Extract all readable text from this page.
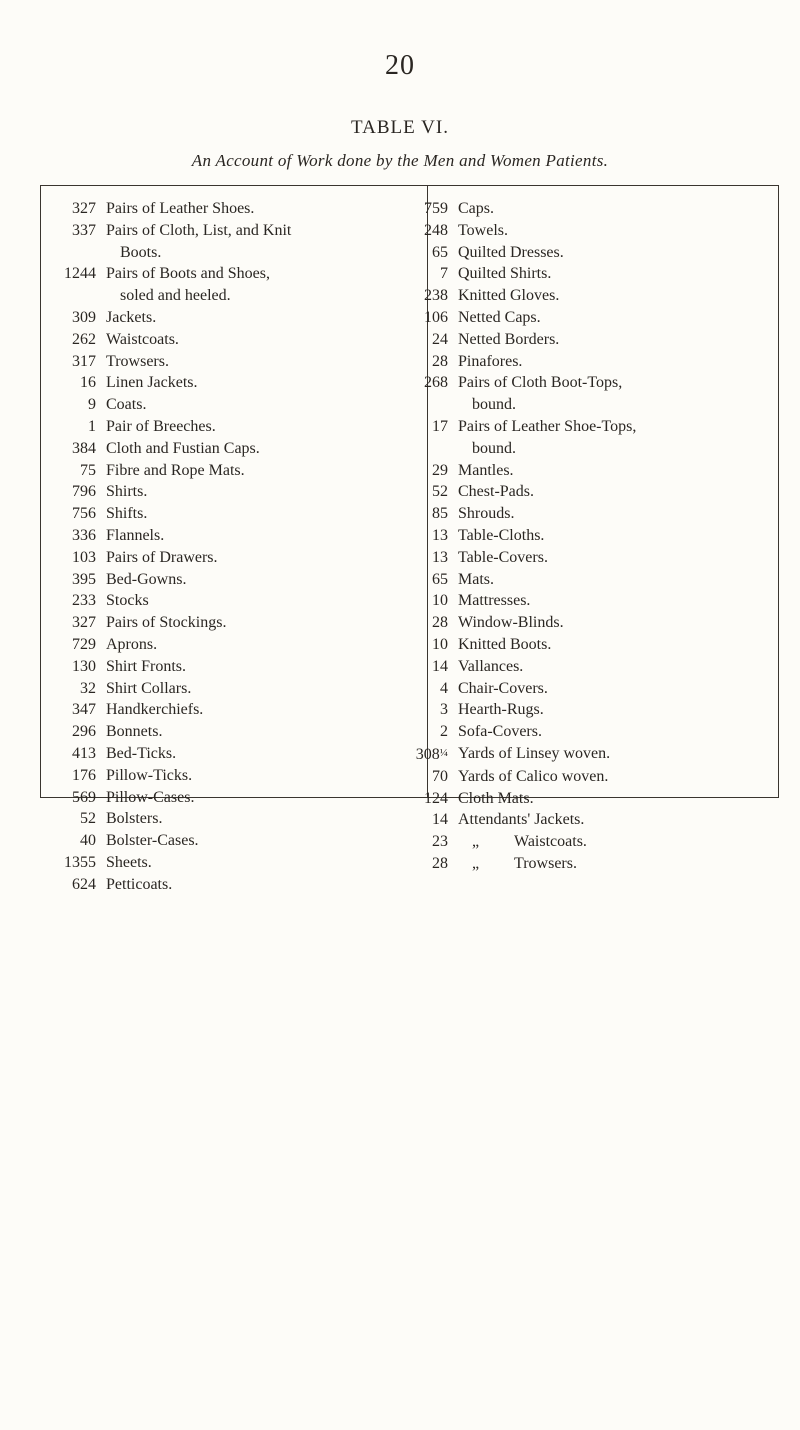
20
TABLE VI.
An Account of Work done by the Men and Women Patients.
327 Pairs of Leather Shoes.
337 Pairs of Cloth, List, and Knit
Boots.
1244 Pairs of Boots and Shoes,
soled and heeled.
309 Jackets.
262 Waistcoats.
317 Trowsers.
16 Linen Jackets.
9 Coats.
1 Pair of Breeches.
384 Cloth and Fustian Caps.
75 Fibre and Rope Mats.
796 Shirts.
756 Shifts.
336 Flannels.
103 Pairs of Drawers.
395 Bed-Gowns.
233 Stocks
327 Pairs of Stockings.
729 Aprons.
130 Shirt Fronts.
32 Shirt Collars.
347 Handkerchiefs.
296 Bonnets.
413 Bed-Ticks.
176 Pillow-Ticks.
569 Pillow-Cases.
52 Bolsters.
40 Bolster-Cases.
1355 Sheets.
624 Petticoats.
759 Caps.
248 Towels.
65 Quilted Dresses.
7 Quilted Shirts.
238 Knitted Gloves.
106 Netted Caps.
24 Netted Borders.
28 Pinafores.
268 Pairs of Cloth Boot-Tops,
bound.
17 Pairs of Leather Shoe-Tops,
bound.
29 Mantles.
52 Chest-Pads.
85 Shrouds.
13 Table-Cloths.
13 Table-Covers.
65 Mats.
10 Mattresses.
28 Window-Blinds.
10 Knitted Boots.
14 Vallances.
4 Chair-Covers.
3 Hearth-Rugs.
2 Sofa-Covers.
308¼ Yards of Linsey woven.
70 Yards of Calico woven.
124 Cloth Mats.
14 Attendants' Jackets.
23	„	Waistcoats.
28	„	Trowsers.
